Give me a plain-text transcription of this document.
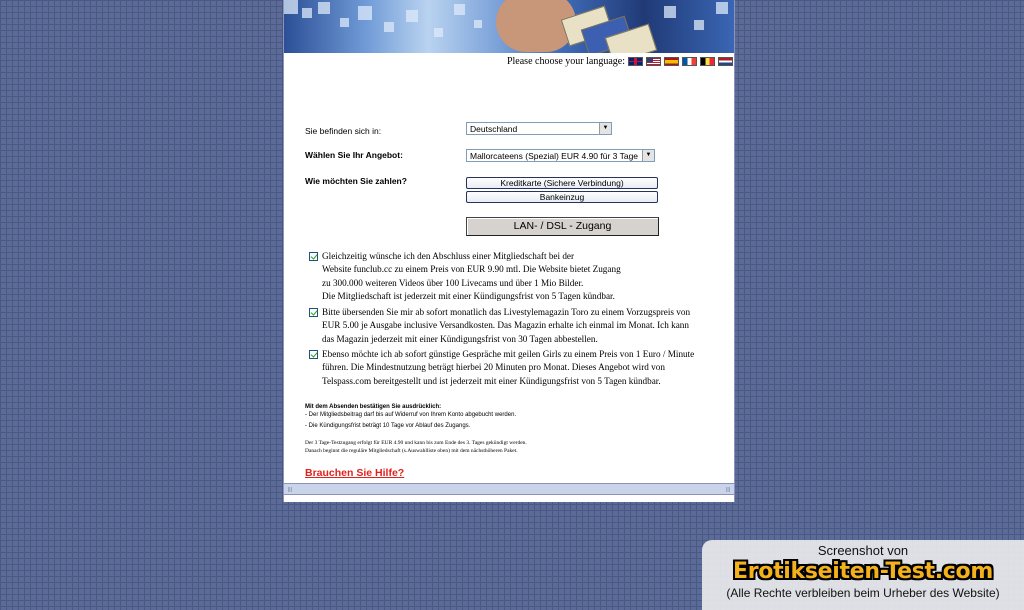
Please choose your language:
Sie befinden sich in:	Deutschland	▼
Wählen Sie Ihr Angebot:	Mallorcateens (Spezial) EUR 4.90 für 3 Tage	▼
Wie möchten Sie zahlen?	Kreditkarte (Sichere Verbindung)
Bankeinzug
LAN- / DSL - Zugang
Gleichzeitig wünsche ich den Abschluss einer Mitgliedschaft bei der
Website funclub.cc zu einem Preis von EUR 9.90 mtl. Die Website bietet Zugang
zu 300.000 weiteren Videos über 100 Livecams und über 1 Mio Bilder.
Die Mitgliedschaft ist jederzeit mit einer Kündigungsfrist von 5 Tagen kündbar.
Bitte übersenden Sie mir ab sofort monatlich das Livestylemagazin Toro zu einem Vorzugspreis von
EUR 5.00 je Ausgabe inclusive Versandkosten. Das Magazin erhalte ich einmal im Monat. Ich kann
das Magazin jederzeit mit einer Kündigungsfrist von 30 Tagen abbestellen.
Ebenso möchte ich ab sofort günstige Gespräche mit geilen Girls zu einem Preis von 1 Euro / Minute
führen. Die Mindestnutzung beträgt hierbei 20 Minuten pro Monat. Dieses Angebot wird von
Telspass.com bereitgestellt und ist jederzeit mit einer Kündigungsfrist von 5 Tagen kündbar.
Mit dem Absenden bestätigen Sie ausdrücklich:
- Der Mitgliedsbeitrag darf bis auf Widerruf von Ihrem Konto abgebucht werden.
- Die Kündigungsfrist beträgt 10 Tage vor Ablauf des Zugangs.
Der 3 Tage-Testzugang erfolgt für EUR 4.90 und kann bis zum Ende des 3. Tages gekündigt werden.
Danach beginnt die reguläre Mitgliedschaft (s.Auswahlliste oben) mit dem nächsthöheren Paket.
Brauchen Sie Hilfe?
|||	|||
Screenshot von
Erotikseiten-Test.com
(Alle Rechte verbleiben beim Urheber des Website)
